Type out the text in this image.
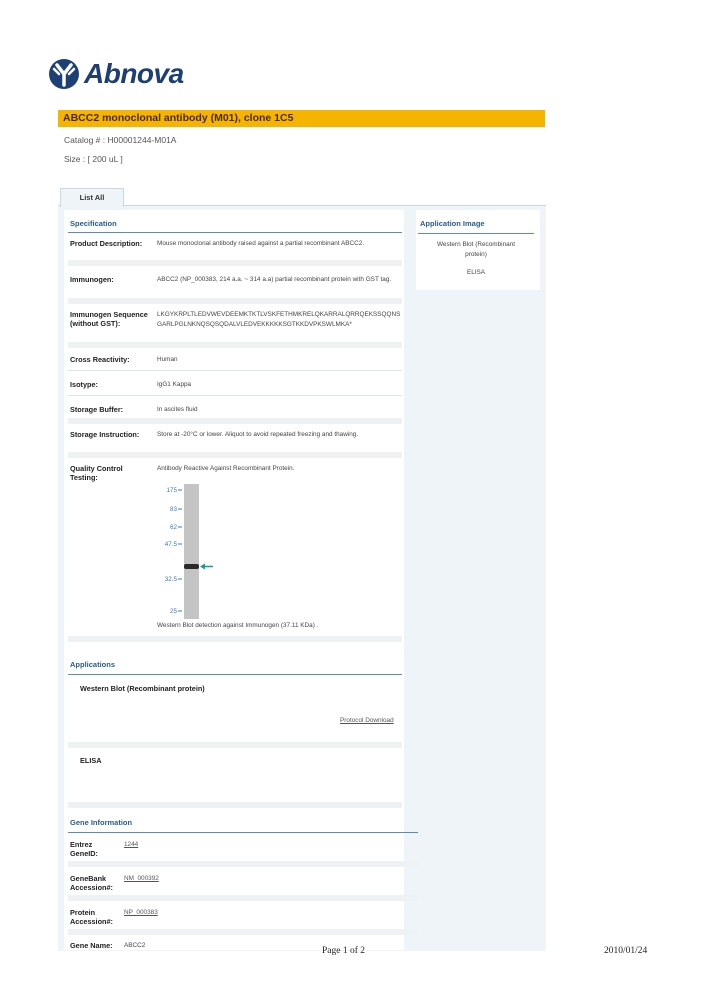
Abnova
ABCC2 monoclonal antibody (M01), clone 1C5
Catalog # : H00001244-M01A
Size : [ 200 uL ]
List All
Specification
Product Description:	Mouse monoclonal antibody raised against a partial recombinant ABCC2.
Immunogen:	ABCC2 (NP_000383, 214 a.a. ~ 314 a.a) partial recombinant protein with GST tag.
Immunogen Sequence (without GST):
LKGYKRPLTLEDVWEVDEEMKTKTLVSKFETHMKRELQKARRALQRRQEKSSQQNSGARLPGLNKNQSQSQDALVLEDVEKKKKKSGTKKDVPKSWLMKA*
Cross Reactivity:	Human
Isotype:	IgG1 Kappa
Storage Buffer:	In ascites fluid
Storage Instruction:	Store at -20°C or lower. Aliquot to avoid repeated freezing and thawing.
Quality Control Testing:
Antibody Reactive Against Recombinant Protein.
175
83
62
47.5
32.5
25
Western Blot detection against Immunogen (37.11 KDa) .
Application Image
Western Blot (Recombinant protein)
ELISA
Applications
Western Blot (Recombinant protein)
Protocol Download
ELISA
Gene Information
Entrez GeneID:
1244
GeneBank Accession#:
NM_000392
Protein Accession#:
NP_000383
Gene Name: ABCC2
Page 1 of 2	2010/01/24
